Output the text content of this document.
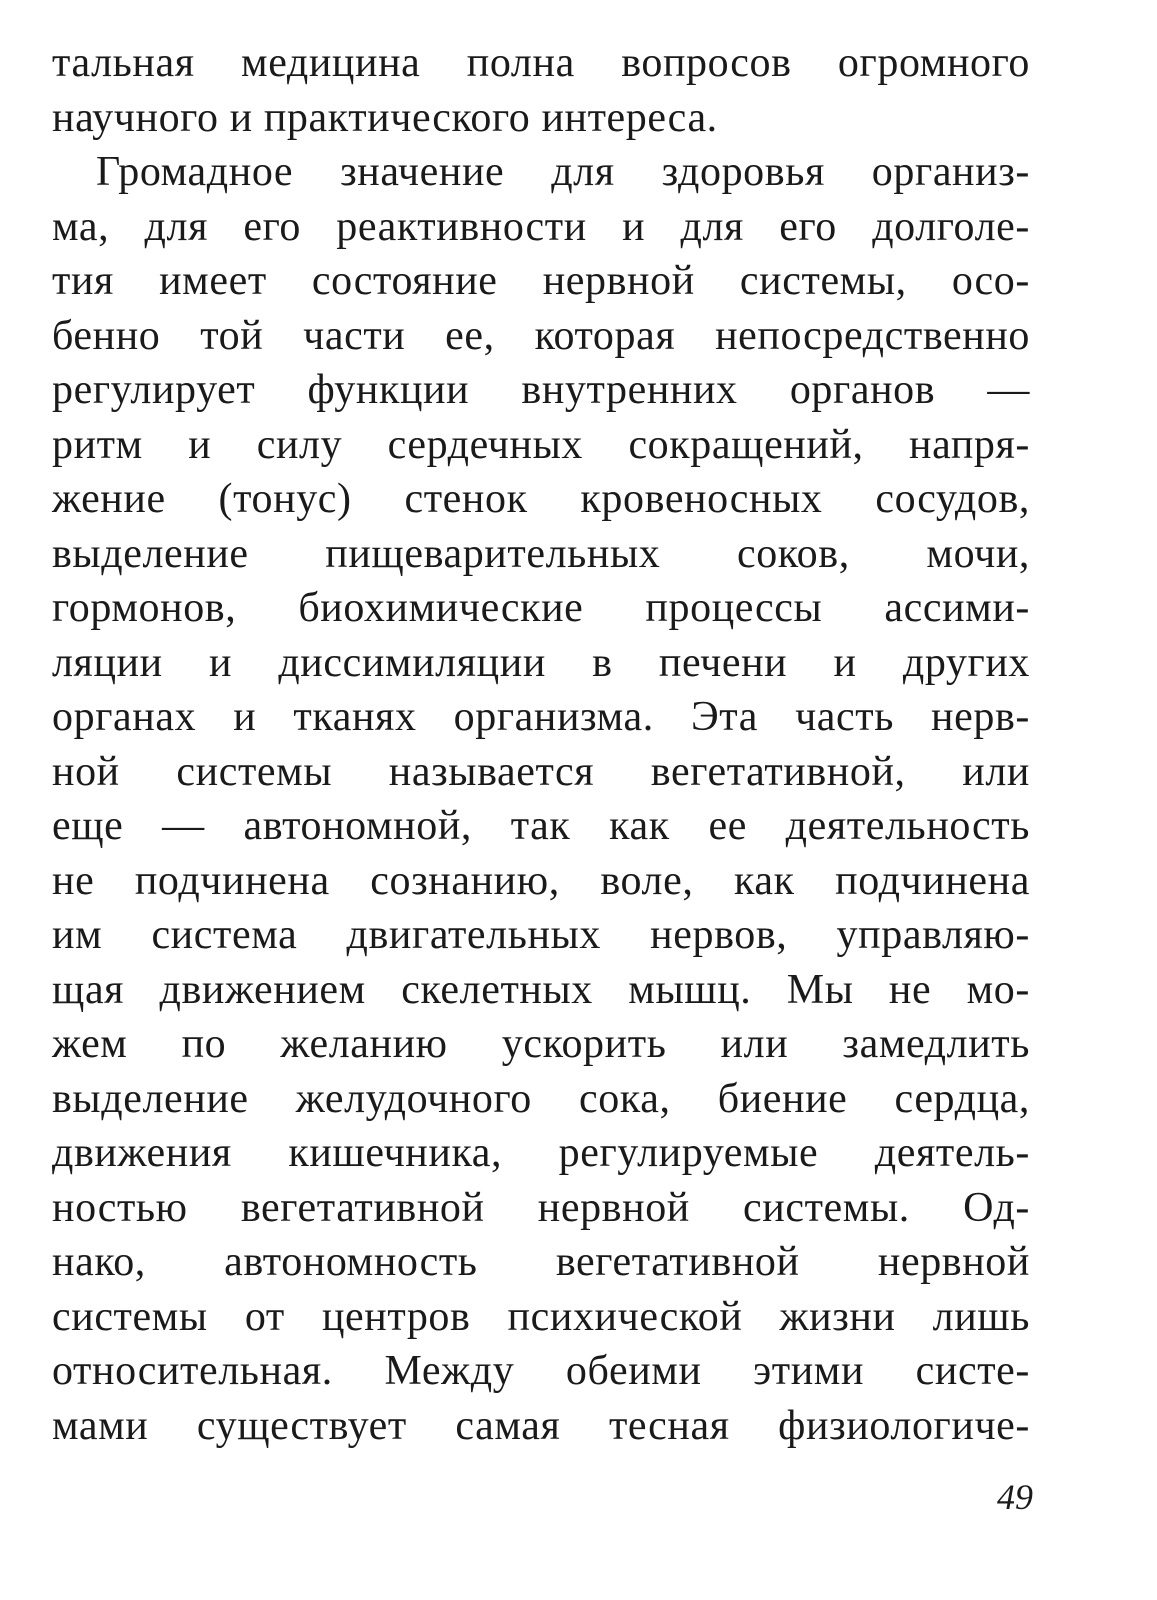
тальная медицина полна вопросов огромного
научного и практического интереса.
Громадное значение для здоровья организ-
ма, для его реактивности и для его долголе-
тия имеет состояние нервной системы, осо-
бенно той части ее, которая непосредственно
регулирует функции внутренних органов —
ритм и силу сердечных сокращений, напря-
жение (тонус) стенок кровеносных сосудов,
выделение пищеварительных соков, мочи,
гормонов, биохимические процессы ассими-
ляции и диссимиляции в печени и других
органах и тканях организма. Эта часть нерв-
ной системы называется вегетативной, или
еще — автономной, так как ее деятельность
не подчинена сознанию, воле, как подчинена
им система двигательных нервов, управляю-
щая движением скелетных мышц. Мы не мо-
жем по желанию ускорить или замедлить
выделение желудочного сока, биение сердца,
движения кишечника, регулируемые деятель-
ностью вегетативной нервной системы. Од-
нако, автономность вегетативной нервной
системы от центров психической жизни лишь
относительная. Между обеими этими систе-
мами существует самая тесная физиологиче-
49
